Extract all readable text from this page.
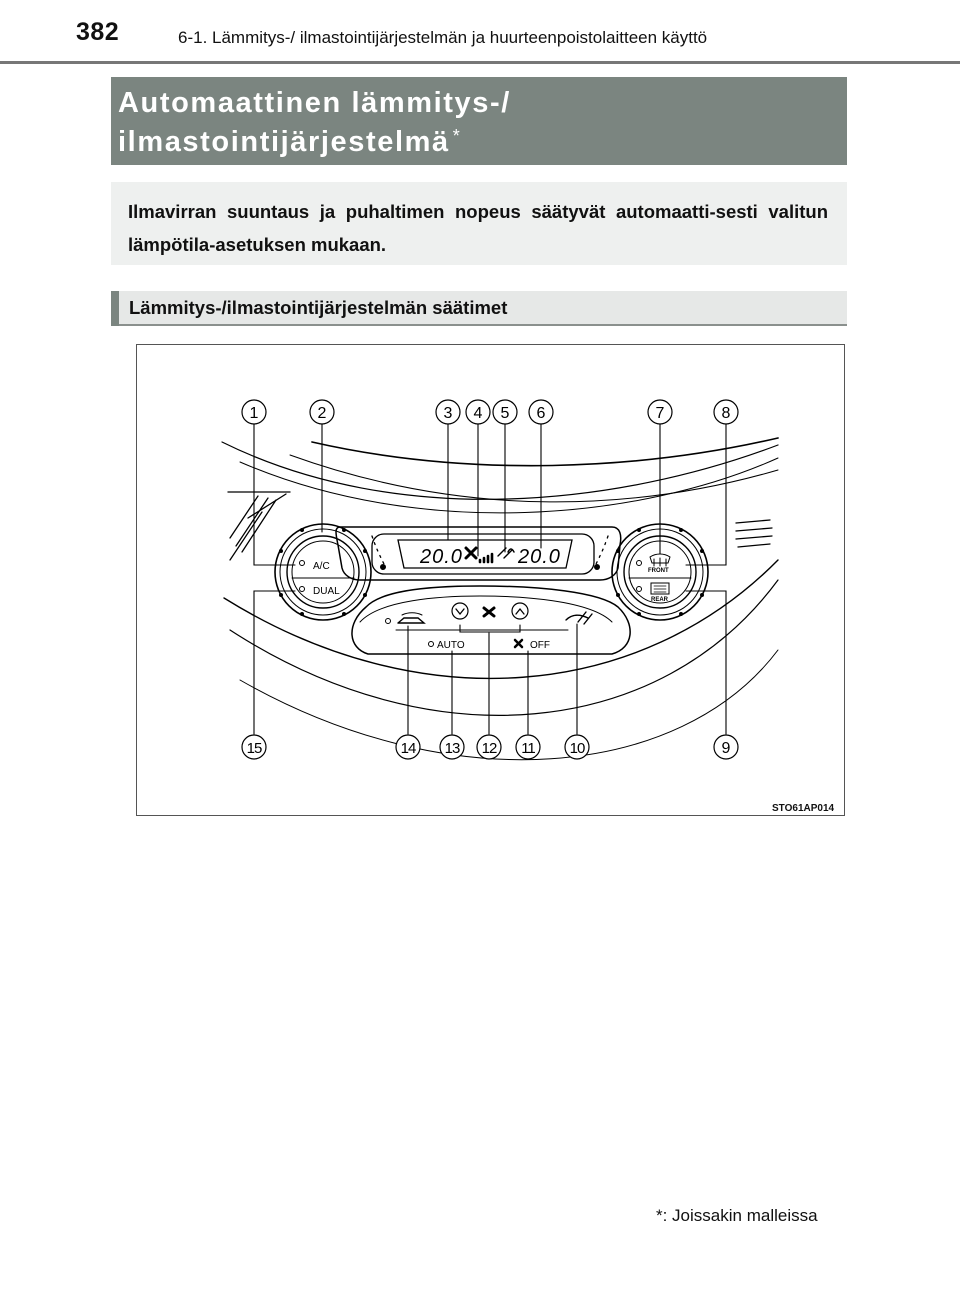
382	6-1. Lämmitys-/ ilmastointijärjestelmän ja huurteenpoistolaitteen käyttö
Automaattinen lämmitys-/
ilmastointijärjestelmä *
Ilmavirran suuntaus ja puhaltimen nopeus säätyvät automaatti-sesti valitun lämpötila-asetuksen mukaan.
Lämmitys-/ilmastointijärjestelmän säätimet
20.0	20.0
A/C
DUAL
FRONT
REAR
AUTO	OFF
1	2	3 4 5 6	7	8
15	14 13 12 11 10	9
STO61AP014
*: Joissakin malleissa
